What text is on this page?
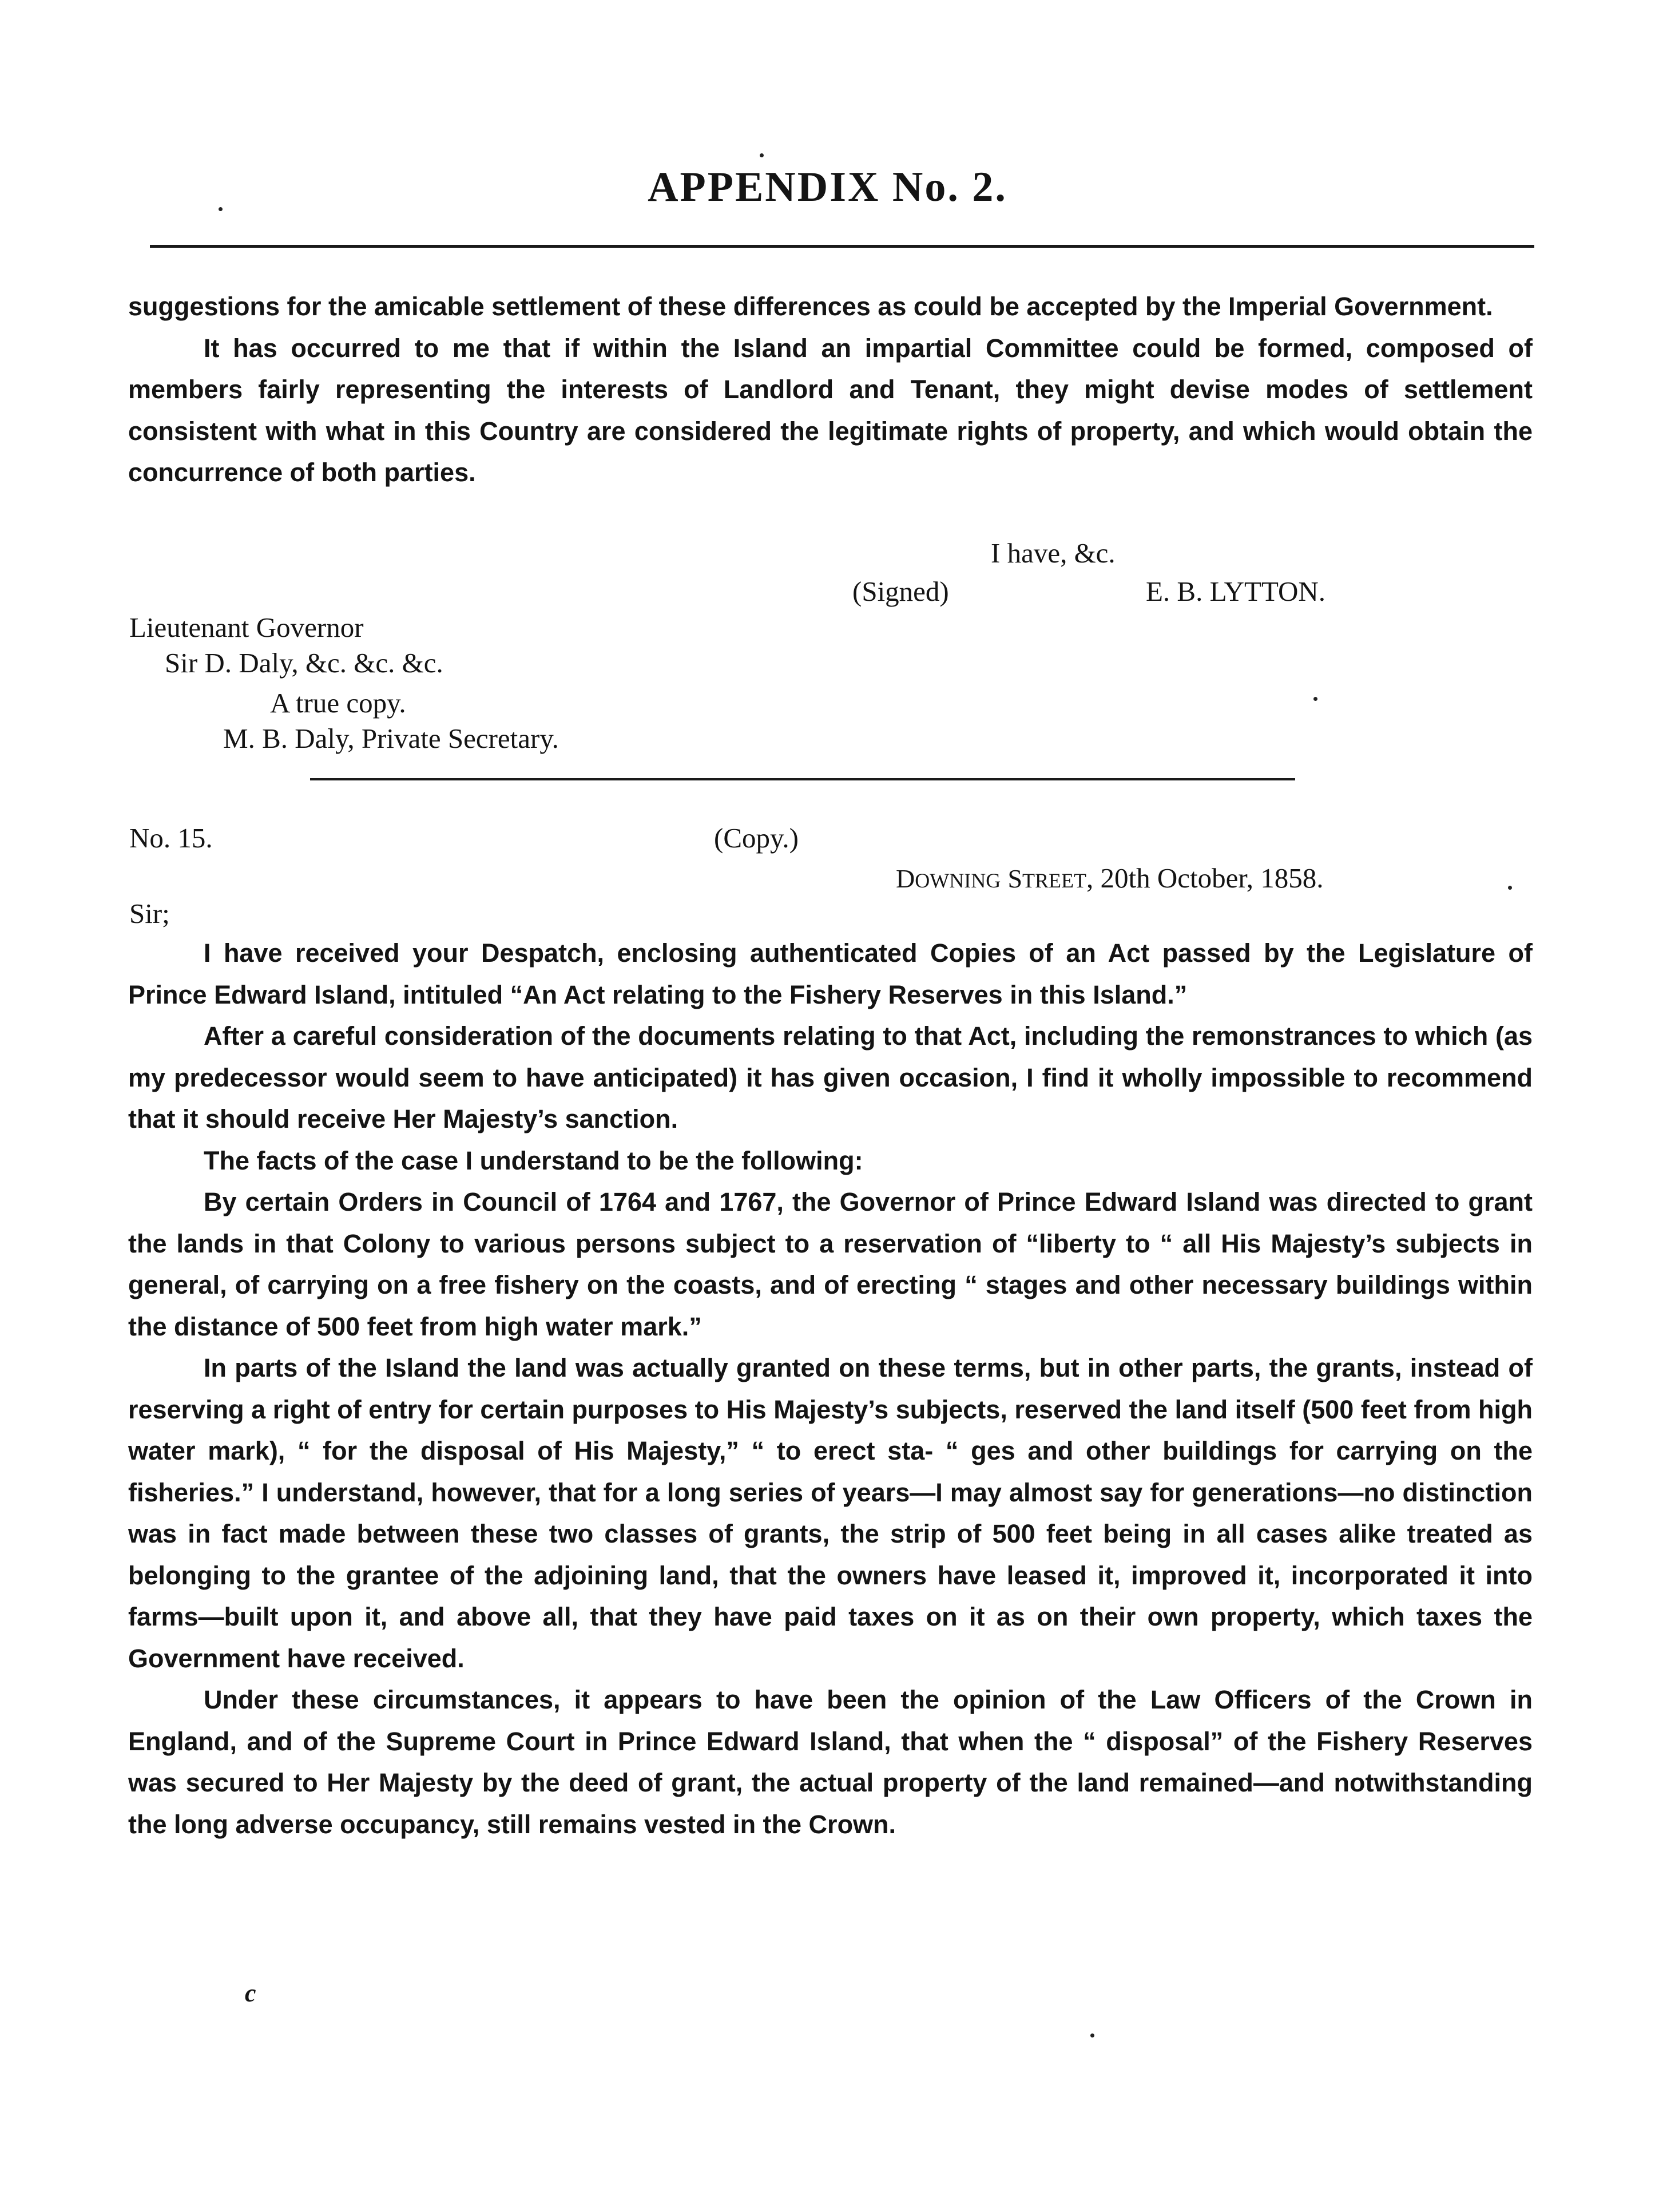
APPENDIX No. 2.

suggestions for the amicable settlement of these differences as could be accepted by the Imperial Government.

It has occurred to me that if within the Island an impartial Committee could be formed, composed of members fairly representing the interests of Landlord and Tenant, they might devise modes of settlement consistent with what in this Country are considered the legitimate rights of property, and which would obtain the concurrence of both parties.

I have, &c.
(Signed)	E. B. LYTTON.
Lieutenant Governor
Sir D. Daly, &c. &c. &c.
A true copy.
M. B. Daly, Private Secretary.
No. 15.	(Copy.)
DOWNING STREET, 20th October, 1858.
Sir;

I have received your Despatch, enclosing authenticated Copies of an Act passed by the Legislature of Prince Edward Island, intituled “An Act relating to the Fishery Reserves in this Island.”

After a careful consideration of the documents relating to that Act, including the remonstrances to which (as my predecessor would seem to have anticipated) it has given occasion, I find it wholly impossible to recommend that it should receive Her Majesty’s sanction.

The facts of the case I understand to be the following:

By certain Orders in Council of 1764 and 1767, the Governor of Prince Edward Island was directed to grant the lands in that Colony to various persons subject to a reservation of “liberty to “ all His Majesty’s subjects in general, of carrying on a free fishery on the coasts, and of erecting “ stages and other necessary buildings within the distance of 500 feet from high water mark.”

In parts of the Island the land was actually granted on these terms, but in other parts, the grants, instead of reserving a right of entry for certain purposes to His Majesty’s subjects, reserved the land itself (500 feet from high water mark), “ for the disposal of His Majesty,” “ to erect sta- “ ges and other buildings for carrying on the fisheries.” I understand, however, that for a long series of years—I may almost say for generations—no distinction was in fact made between these two classes of grants, the strip of 500 feet being in all cases alike treated as belonging to the grantee of the adjoining land, that the owners have leased it, improved it, incorporated it into farms—built upon it, and above all, that they have paid taxes on it as on their own property, which taxes the Government have received.

Under these circumstances, it appears to have been the opinion of the Law Officers of the Crown in England, and of the Supreme Court in Prince Edward Island, that when the “ disposal” of the Fishery Reserves was secured to Her Majesty by the deed of grant, the actual property of the land remained—and notwithstanding the long adverse occupancy, still remains vested in the Crown.

c
